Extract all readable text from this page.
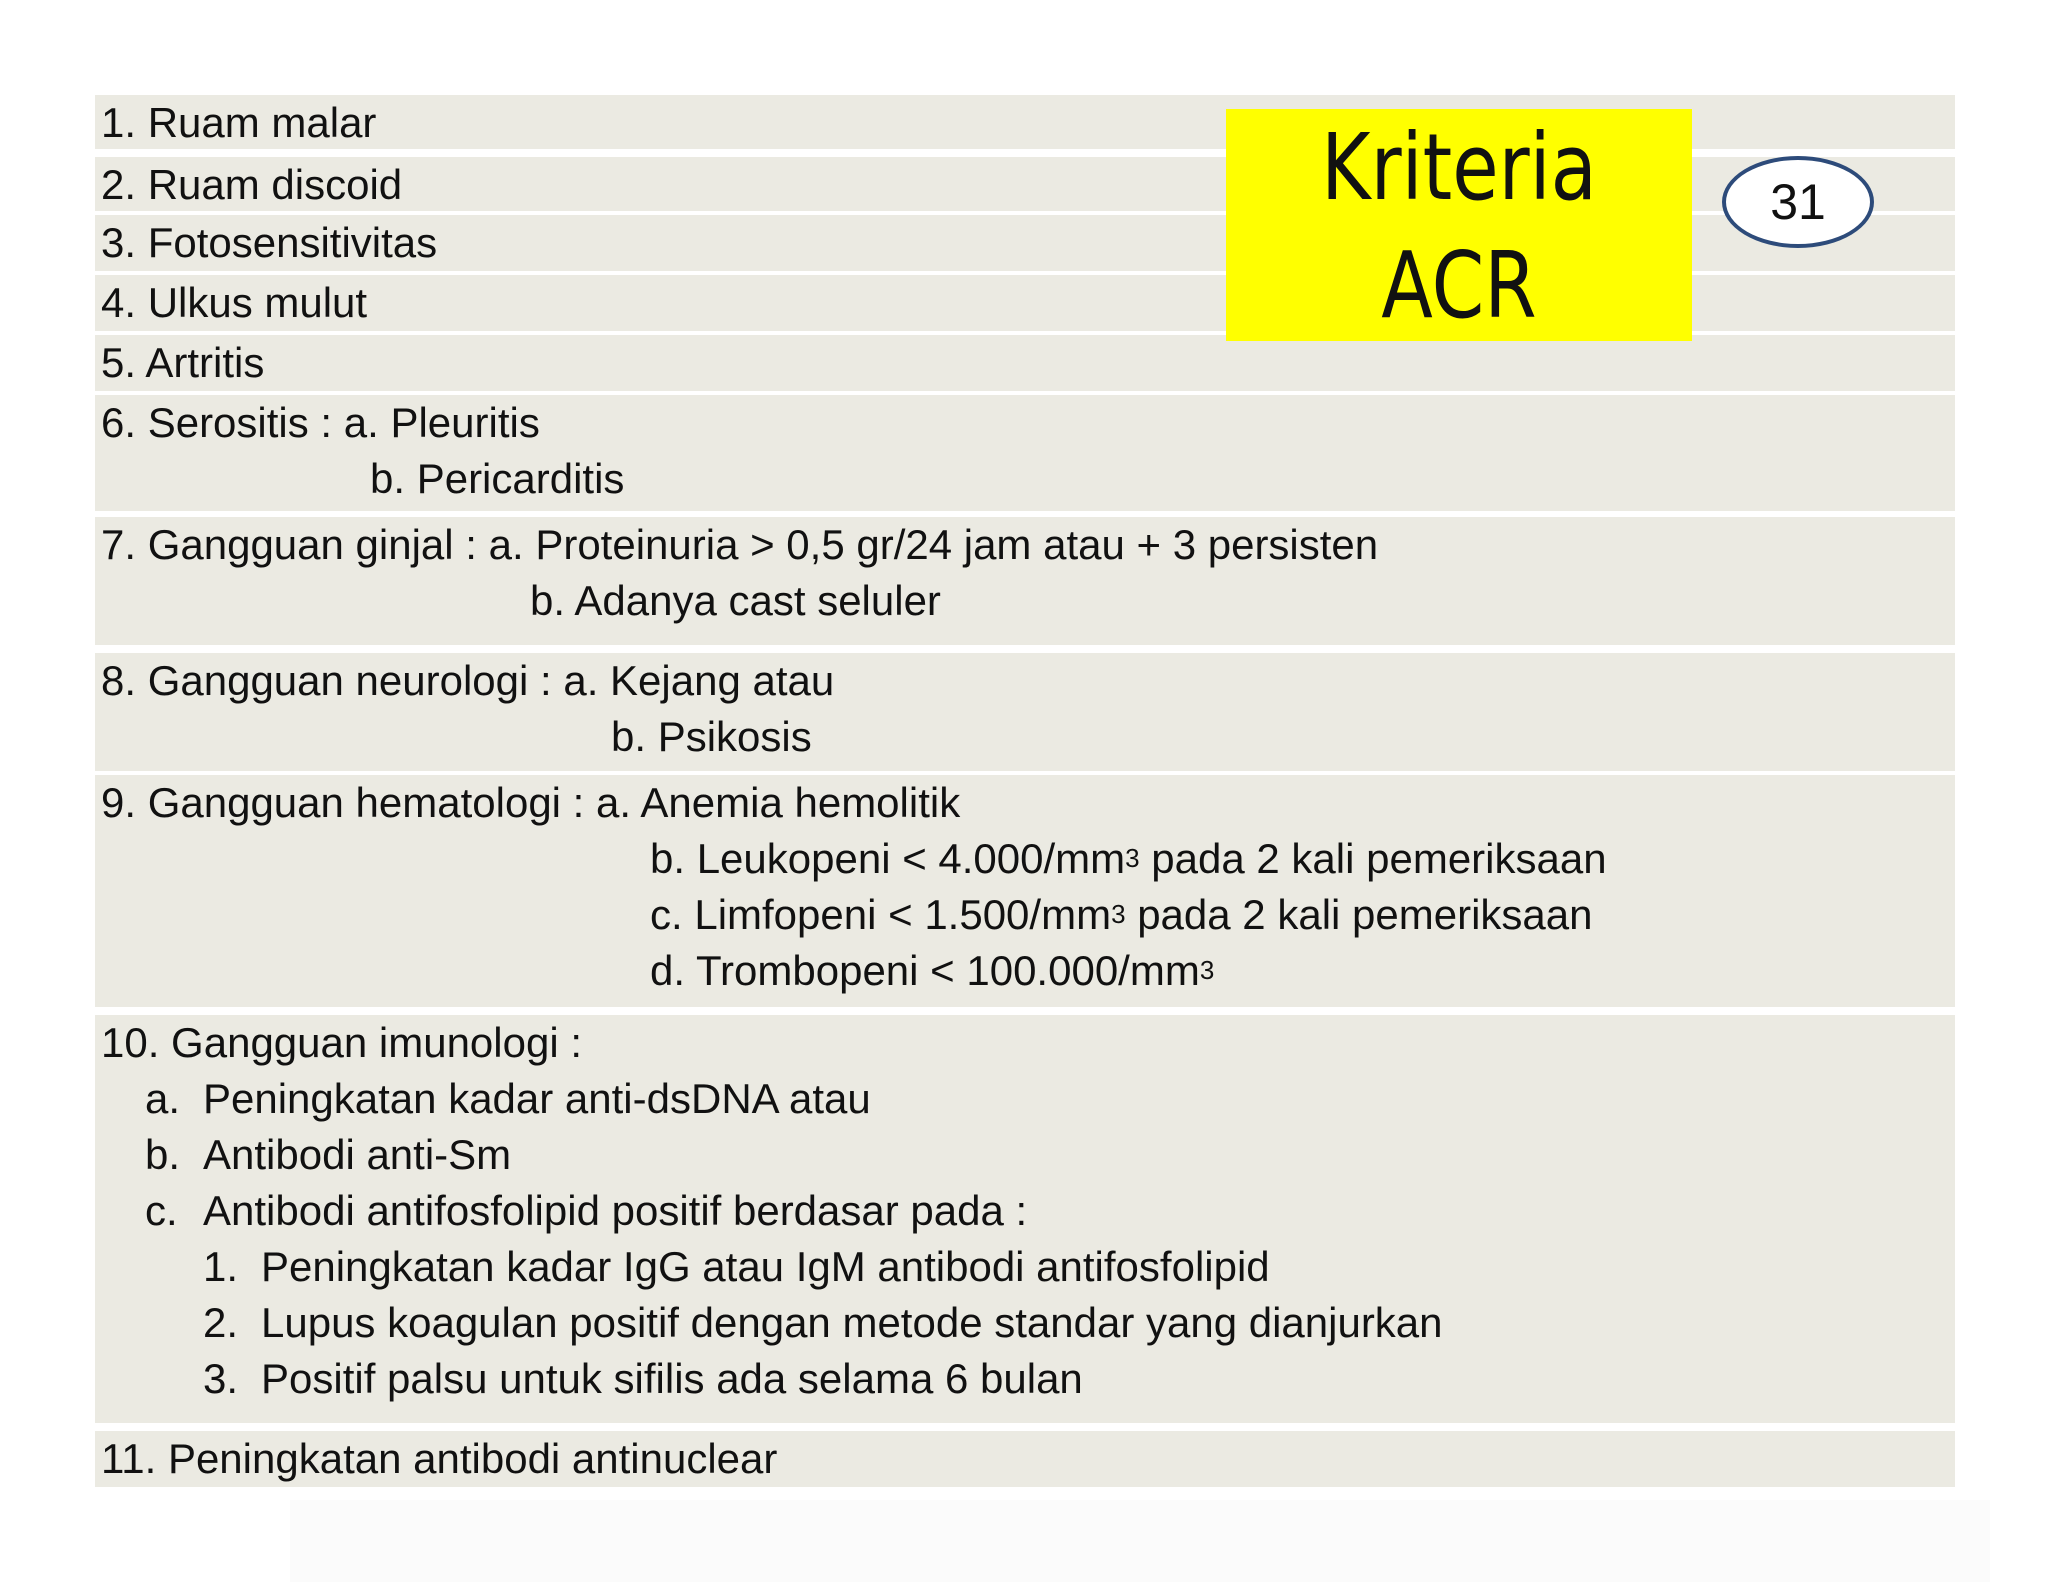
1. Ruam malar
2. Ruam discoid
3. Fotosensitivitas
4. Ulkus mulut
5. Artritis
6. Serositis : a. Pleuritis
b. Pericarditis
7. Gangguan ginjal : a. Proteinuria > 0,5 gr/24 jam atau + 3 persisten
b. Adanya cast seluler
8. Gangguan neurologi : a. Kejang atau
b. Psikosis
9. Gangguan hematologi : a. Anemia hemolitik
b. Leukopeni < $4.000/mm^3$ pada 2 kali pemeriksaan
c. Limfopeni < $1.500/mm^3$ pada 2 kali pemeriksaan
d. Trombopeni < $100.000/mm^3$
10. Gangguan imunologi :
a. Peningkatan kadar anti-dsDNA atau
b. Antibodi anti-Sm
c. Antibodi antifosfolipid positif berdasar pada :
1. Peningkatan kadar IgG atau IgM antibodi antifosfolipid
2. Lupus koagulan positif dengan metode standar yang dianjurkan
3. Positif palsu untuk sifilis ada selama 6 bulan
11. Peningkatan antibodi antinuclear
Kriteria
ACR
31
